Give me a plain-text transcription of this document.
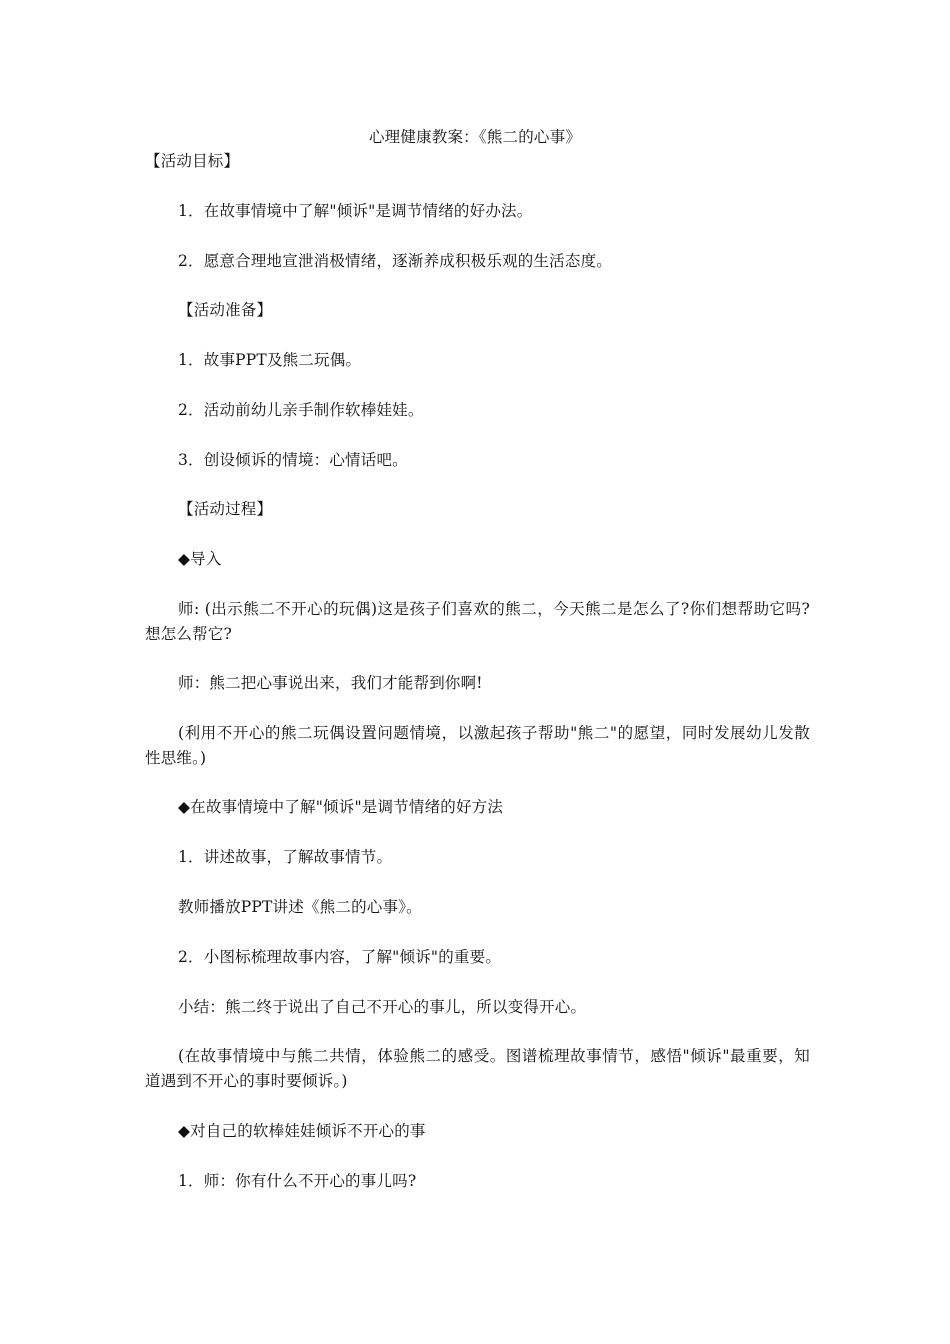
心理健康教案：《熊二的心事》
【活动目标】
1．在故事情境中了解"倾诉"是调节情绪的好办法。
2．愿意合理地宣泄消极情绪，逐渐养成积极乐观的生活态度。
【活动准备】
1．故事PPT及熊二玩偶。
2．活动前幼儿亲手制作软棒娃娃。
3．创设倾诉的情境：心情话吧。
【活动过程】
◆导入
师: (出示熊二不开心的玩偶)这是孩子们喜欢的熊二，今天熊二是怎么了?你们想帮助它吗?想怎么帮它?
师：熊二把心事说出来，我们才能帮到你啊!
(利用不开心的熊二玩偶设置问题情境，以激起孩子帮助"熊二"的愿望，同时发展幼儿发散性思维。)
◆在故事情境中了解"倾诉"是调节情绪的好方法
1．讲述故事，了解故事情节。
教师播放PPT讲述《熊二的心事》。
2．小图标梳理故事内容，了解"倾诉"的重要。
小结：熊二终于说出了自己不开心的事儿，所以变得开心。
(在故事情境中与熊二共情，体验熊二的感受。图谱梳理故事情节，感悟"倾诉"最重要，知道遇到不开心的事时要倾诉。)
◆对自己的软棒娃娃倾诉不开心的事
1．师：你有什么不开心的事儿吗?
